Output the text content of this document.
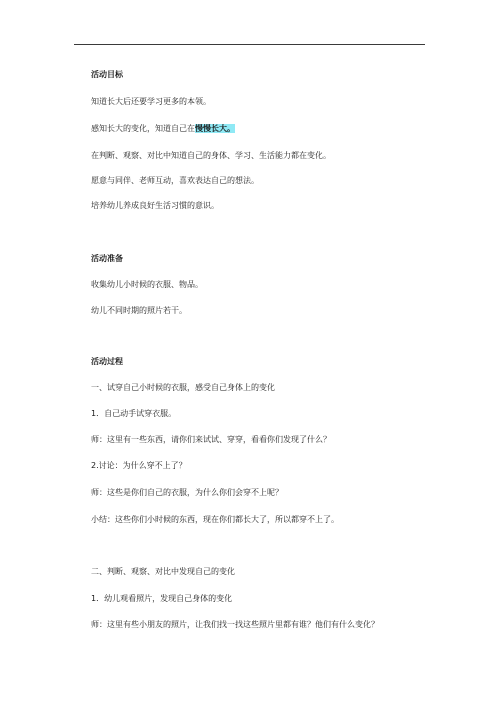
活动目标
知道长大后还要学习更多的本领。
感知长大的变化，知道自己在慢慢长大。
在判断、观察、对比中知道自己的身体、学习、生活能力都在变化。
愿意与同伴、老师互动，喜欢表达自己的想法。
培养幼儿养成良好生活习惯的意识。
活动准备
收集幼儿小时候的衣服、物品。
幼儿不同时期的照片若干。
活动过程
一、试穿自己小时候的衣服，感受自己身体上的变化
1．自己动手试穿衣服。
师：这里有一些东西，请你们来试试、穿穿，看看你们发现了什么？
2.讨论：为什么穿不上了？
师：这些是你们自己的衣服，为什么你们会穿不上呢？
小结：这些你们小时候的东西，现在你们都长大了，所以都穿不上了。
二、判断、观察、对比中发现自己的变化
1．幼儿观看照片，发现自己身体的变化
师：这里有些小朋友的照片，让我们找一找这些照片里都有谁？他们有什么变化？
